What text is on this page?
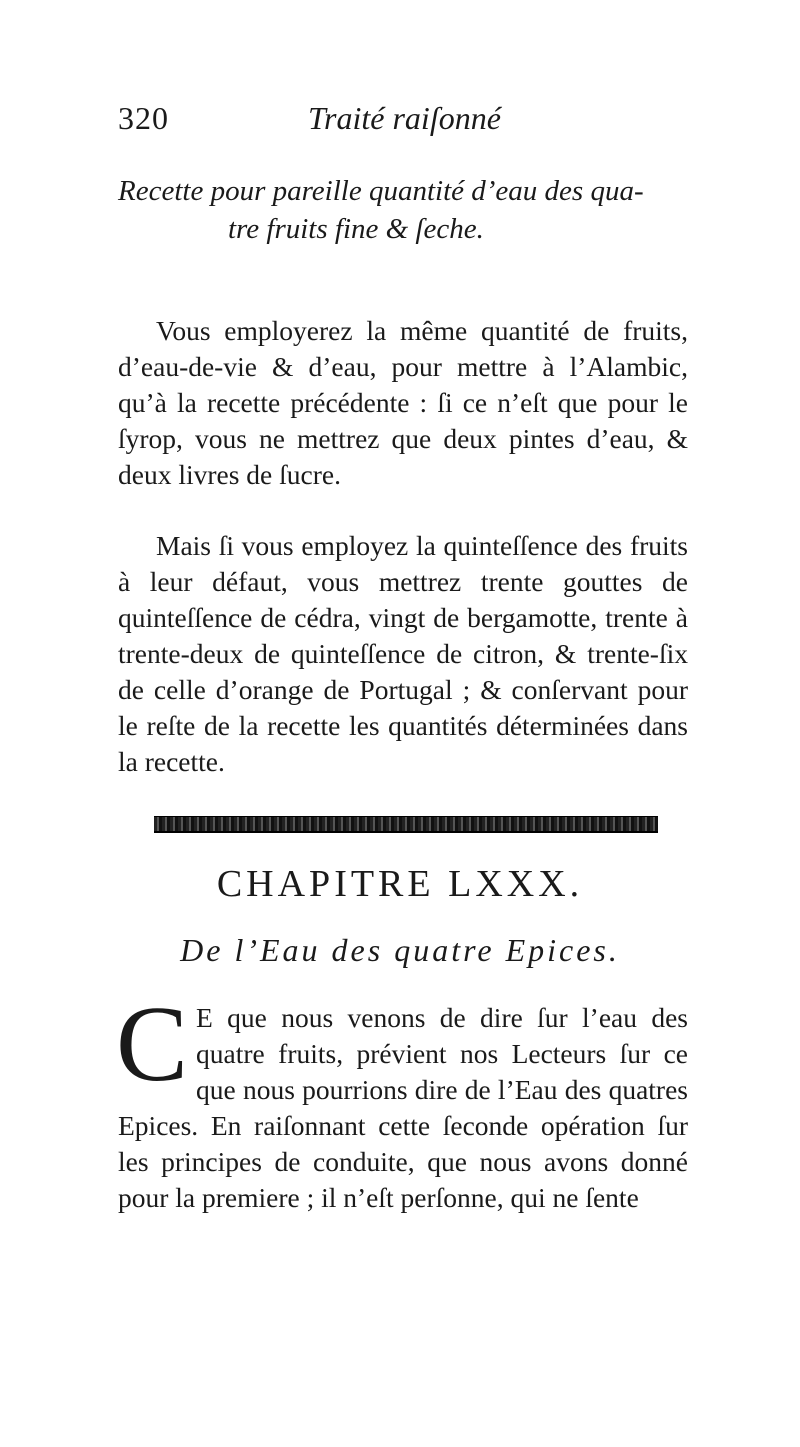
320	Traité raiſonné
Recette pour pareille quantité d’eau des qua-
tre fruits fine & ſeche.

Vous employerez la même quantité de fruits, d’eau-de-vie & d’eau, pour mettre à l’Alambic, qu’à la recette précédente : ſi ce n’eſt que pour le ſyrop, vous ne mettrez que deux pintes d’eau, & deux livres de ſucre.

Mais ſi vous employez la quinteſſence des fruits à leur défaut, vous mettrez trente gouttes de quinteſſence de cédra, vingt de bergamotte, trente à trente-deux de quinteſſence de citron, & trente-ſix de celle d’orange de Portugal ; & conſervant pour le reſte de la recette les quantités déterminées dans la recette.

CHAPITRE LXXX.
De l’Eau des quatre Epices.
C E que nous venons de dire ſur l’eau des quatre fruits, prévient nos Lecteurs ſur ce que nous pourrions dire de l’Eau des quatres Epices. En raiſonnant cette ſeconde opération ſur les principes de conduite, que nous avons donné pour la premiere ; il n’eſt perſonne, qui ne ſente
